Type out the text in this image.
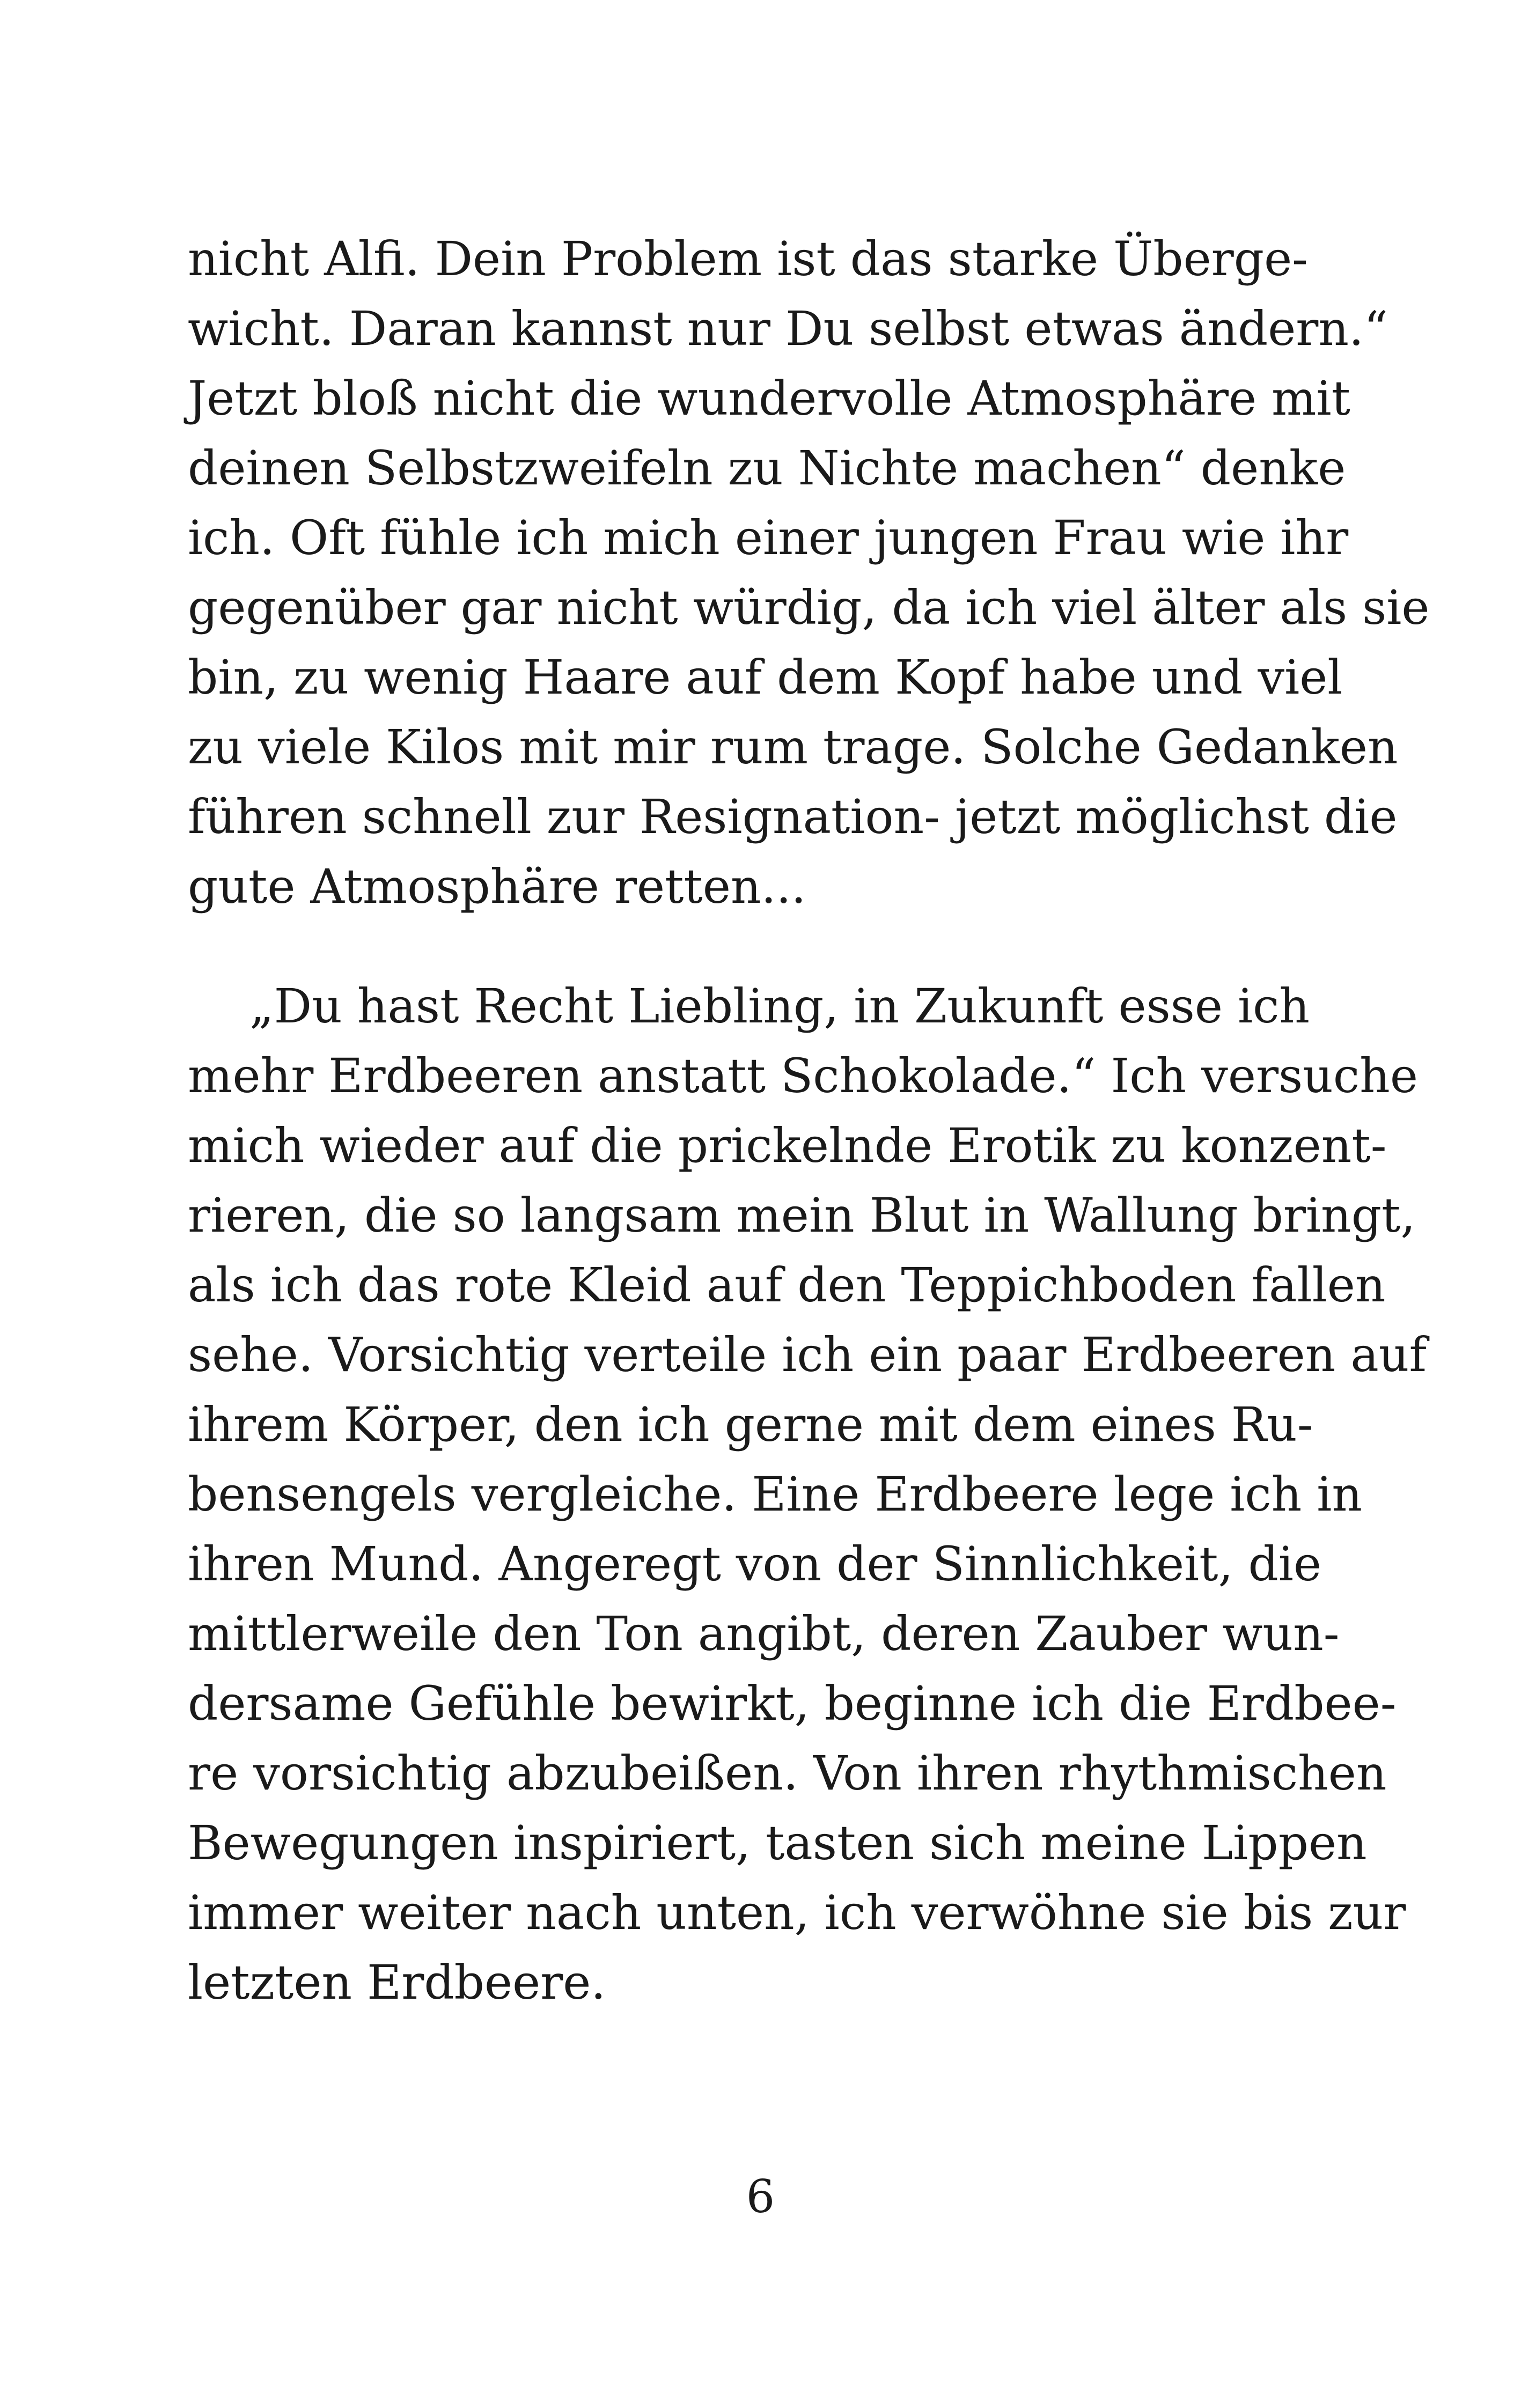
nicht Alfi. Dein Problem ist das starke Überge-
wicht. Daran kannst nur Du selbst etwas ändern.“
Jetzt bloß nicht die wundervolle Atmosphäre mit
deinen Selbstzweifeln zu Nichte machen“ denke
ich. Oft fühle ich mich einer jungen Frau wie ihr
gegenüber gar nicht würdig, da ich viel älter als sie
bin, zu wenig Haare auf dem Kopf habe und viel
zu viele Kilos mit mir rum trage. Solche Gedanken
führen schnell zur Resignation- jetzt möglichst die
gute Atmosphäre retten...

„Du hast Recht Liebling, in Zukunft esse ich
mehr Erdbeeren anstatt Schokolade.“ Ich versuche
mich wieder auf die prickelnde Erotik zu konzent-
rieren, die so langsam mein Blut in Wallung bringt,
als ich das rote Kleid auf den Teppichboden fallen
sehe. Vorsichtig verteile ich ein paar Erdbeeren auf
ihrem Körper, den ich gerne mit dem eines Ru-
bensengels vergleiche. Eine Erdbeere lege ich in
ihren Mund. Angeregt von der Sinnlichkeit, die
mittlerweile den Ton angibt, deren Zauber wun-
dersame Gefühle bewirkt, beginne ich die Erdbee-
re vorsichtig abzubeißen. Von ihren rhythmischen
Bewegungen inspiriert, tasten sich meine Lippen
immer weiter nach unten, ich verwöhne sie bis zur
letzten Erdbeere.

6
